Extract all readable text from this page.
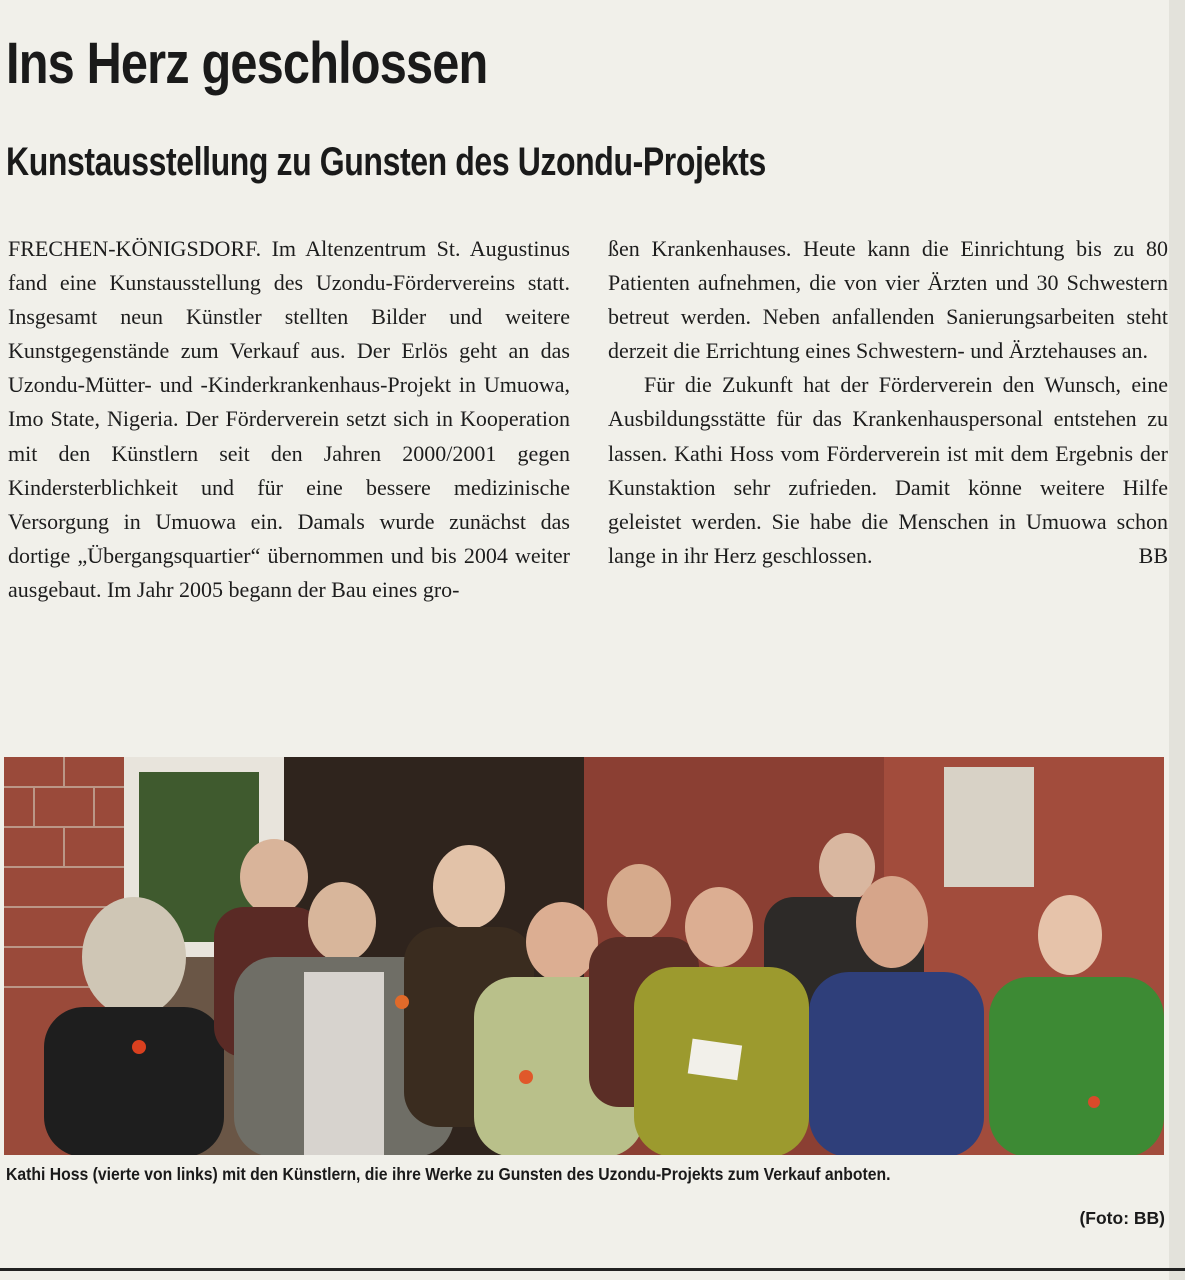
Ins Herz geschlossen
Kunstausstellung zu Gunsten des Uzondu-Projekts

FRECHEN-KÖNIGSDORF. Im Altenzentrum St. Augustinus fand eine Kunstausstellung des Uzondu-Fördervereins statt. Insgesamt neun Künstler stellten Bilder und weitere Kunstgegenstände zum Verkauf aus. Der Erlös geht an das Uzondu-Mütter- und -Kinderkrankenhaus-Projekt in Umuowa, Imo State, Nigeria. Der Förderverein setzt sich in Kooperation mit den Künstlern seit den Jahren 2000/2001 gegen Kindersterblichkeit und für eine bessere medizinische Versorgung in Umuowa ein. Damals wurde zunächst das dortige „Übergangsquartier“ übernommen und bis 2004 weiter ausgebaut. Im Jahr 2005 begann der Bau eines gro-

ßen Krankenhauses. Heute kann die Einrichtung bis zu 80 Patienten aufnehmen, die von vier Ärzten und 30 Schwestern betreut werden. Neben anfallenden Sanierungsarbeiten steht derzeit die Errichtung eines Schwestern- und Ärztehauses an.

Für die Zukunft hat der Förderverein den Wunsch, eine Ausbildungsstätte für das Krankenhauspersonal entstehen zu lassen. Kathi Hoss vom Förderverein ist mit dem Ergebnis der Kunstaktion sehr zufrieden. Damit könne weitere Hilfe geleistet werden. Sie habe die Menschen in Umuowa schon lange in ihr Herz geschlossen.	BB

Kathi Hoss (vierte von links) mit den Künstlern, die ihre Werke zu Gunsten des Uzondu-Projekts zum Verkauf anboten.

(Foto: BB)
